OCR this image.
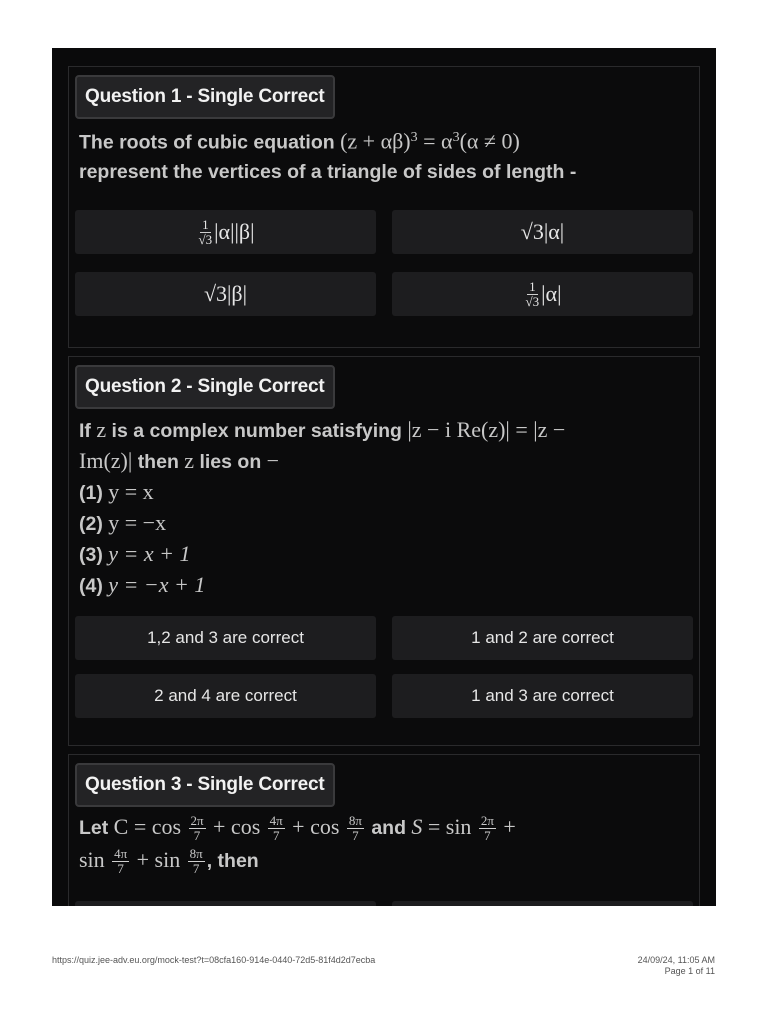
Question 1 - Single Correct
The roots of cubic equation $(z + \alpha\beta)^3 = \alpha^3(\alpha \ne 0)$
represent the vertices of a triangle of sides of length -
$\frac{1}{√3} |\alpha||\beta|$	√3|α|
√3|β|	$\frac{1}{√3} |\alpha|$
Question 2 - Single Correct
If z is a complex number satisfying |z − i Re(z)| = |z −
Im(z)| then z lies on −
(1) y = x
(2) y = −x
(3) y = x + 1
(4) y = −x + 1
1,2 and 3 are correct	1 and 2 are correct
2 and 4 are correct	1 and 3 are correct
Question 3 - Single Correct
Let $C = \cos \frac{2\pi}{7} + \cos \frac{4\pi}{7} + \cos \frac{8\pi}{7}$ and $S = \sin \frac{2\pi}{7}$ +
$\sin \frac{4\pi}{7} + \sin \frac{8\pi}{7}$ , then
https://quiz.jee-adv.eu.org/mock-test?t=08cfa160-914e-0440-72d5-81f4d2d7ecba	24/09/24, 11:05 AM
Page 1 of 11
